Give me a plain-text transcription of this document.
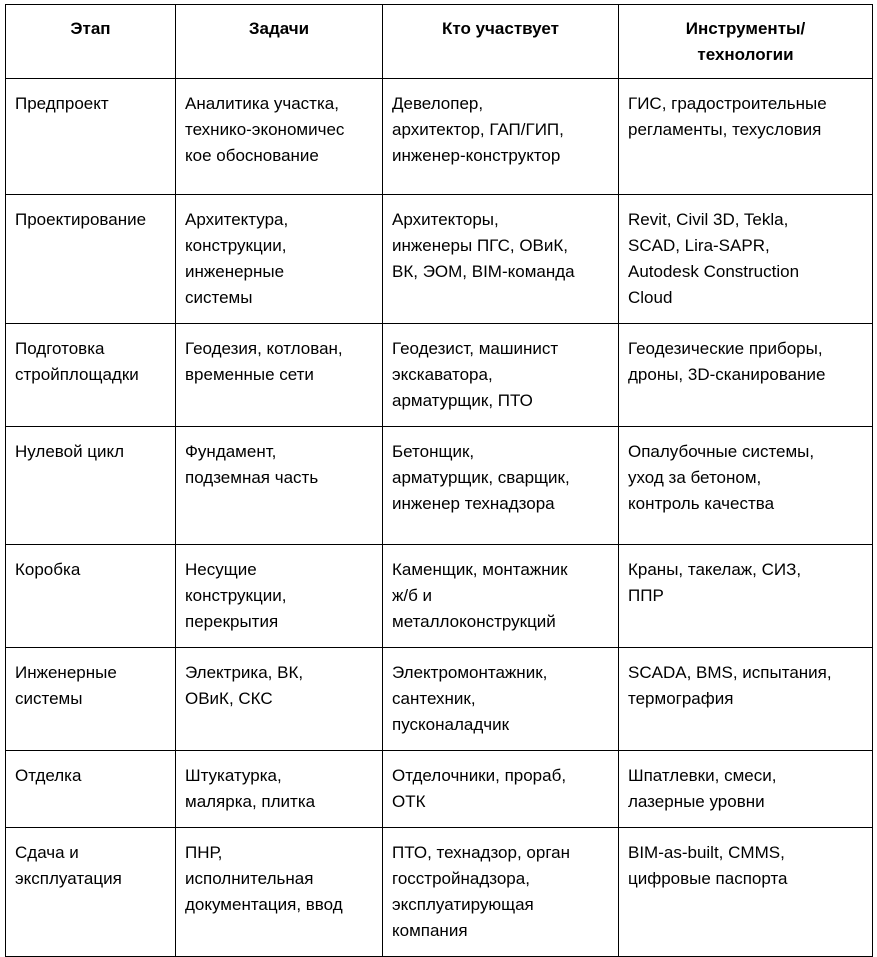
Этап	Задачи	Кто участвует	Инструменты/
технологии

Предпроект	Аналитика участка,
технико-экономичес
кое обоснование	Девелопер,
архитектор, ГАП/ГИП,
инженер-конструктор	ГИС, градостроительные
регламенты, техусловия

Проектирование	Архитектура,
конструкции,
инженерные
системы	Архитекторы,
инженеры ПГС, ОВиК,
ВК, ЭОМ, BIM-команда	Revit, Civil 3D, Tekla,
SCAD, Lira-SAPR,
Autodesk Construction
Cloud

Подготовка
стройплощадки	Геодезия, котлован,
временные сети	Геодезист, машинист
экскаватора,
арматурщик, ПТО	Геодезические приборы,
дроны, 3D-сканирование

Нулевой цикл	Фундамент,
подземная часть	Бетонщик,
арматурщик, сварщик,
инженер технадзора	Опалубочные системы,
уход за бетоном,
контроль качества

Коробка	Несущие
конструкции,
перекрытия	Каменщик, монтажник
ж/б и
металлоконструкций	Краны, такелаж, СИЗ,
ППР

Инженерные
системы	Электрика, ВК,
ОВиК, СКС	Электромонтажник,
сантехник,
пусконаладчик	SCADA, BMS, испытания,
термография

Отделка	Штукатурка,
малярка, плитка	Отделочники, прораб,
ОТК	Шпатлевки, смеси,
лазерные уровни

Сдача и
эксплуатация	ПНР,
исполнительная
документация, ввод	ПТО, технадзор, орган
госстройнадзора,
эксплуатирующая
компания	BIM-as-built, CMMS,
цифровые паспорта
